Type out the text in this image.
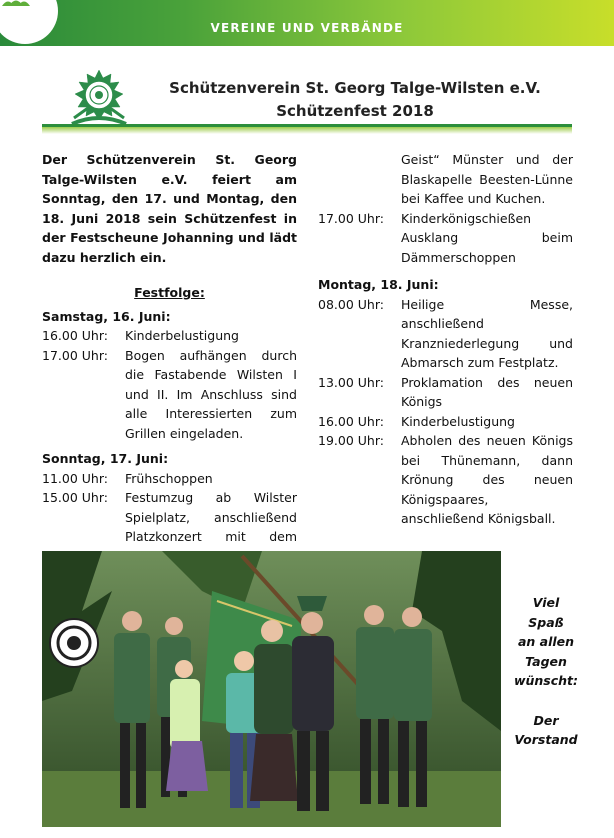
VEREINE UND VERBÄNDE
Schützenverein St. Georg Talge-Wilsten e.V.
Schützenfest 2018

Der Schützenverein St. Georg Talge-Wilsten e.V. feiert am Sonntag, den 17. und Montag, den 18. Juni 2018 sein Schützenfest in der Festscheune Johanning und lädt dazu herzlich ein.

Festfolge:
Samstag, 16. Juni:
16.00 Uhr:	Kinderbelustigung
17.00 Uhr:	Bogen aufhängen durch die Fastabende Wilsten I und II. Im Anschluss sind alle Interessierten zum Grillen eingeladen.
Sonntag, 17. Juni:
11.00 Uhr:	Frühschoppen
15.00 Uhr:	Festumzug ab Wilster Spielplatz, anschließend Platzkonzert mit dem
Geist“ Münster und der Blaskapelle Beesten-Lünne bei Kaffee und Kuchen.
17.00 Uhr:	Kinderkönigschießen Ausklang beim Dämmerschoppen
Montag, 18. Juni:
08.00 Uhr:	Heilige Messe, anschließend Kranzniederlegung und Abmarsch zum Festplatz.
13.00 Uhr:	Proklamation des neuen Königs
16.00 Uhr:	Kinderbelustigung
19.00 Uhr:	Abholen des neuen Königs bei Thünemann, dann Krönung des neuen Königspaares, anschließend Königsball.
Viel
Spaß
an allen
Tagen
wünscht:
Der
Vorstand
